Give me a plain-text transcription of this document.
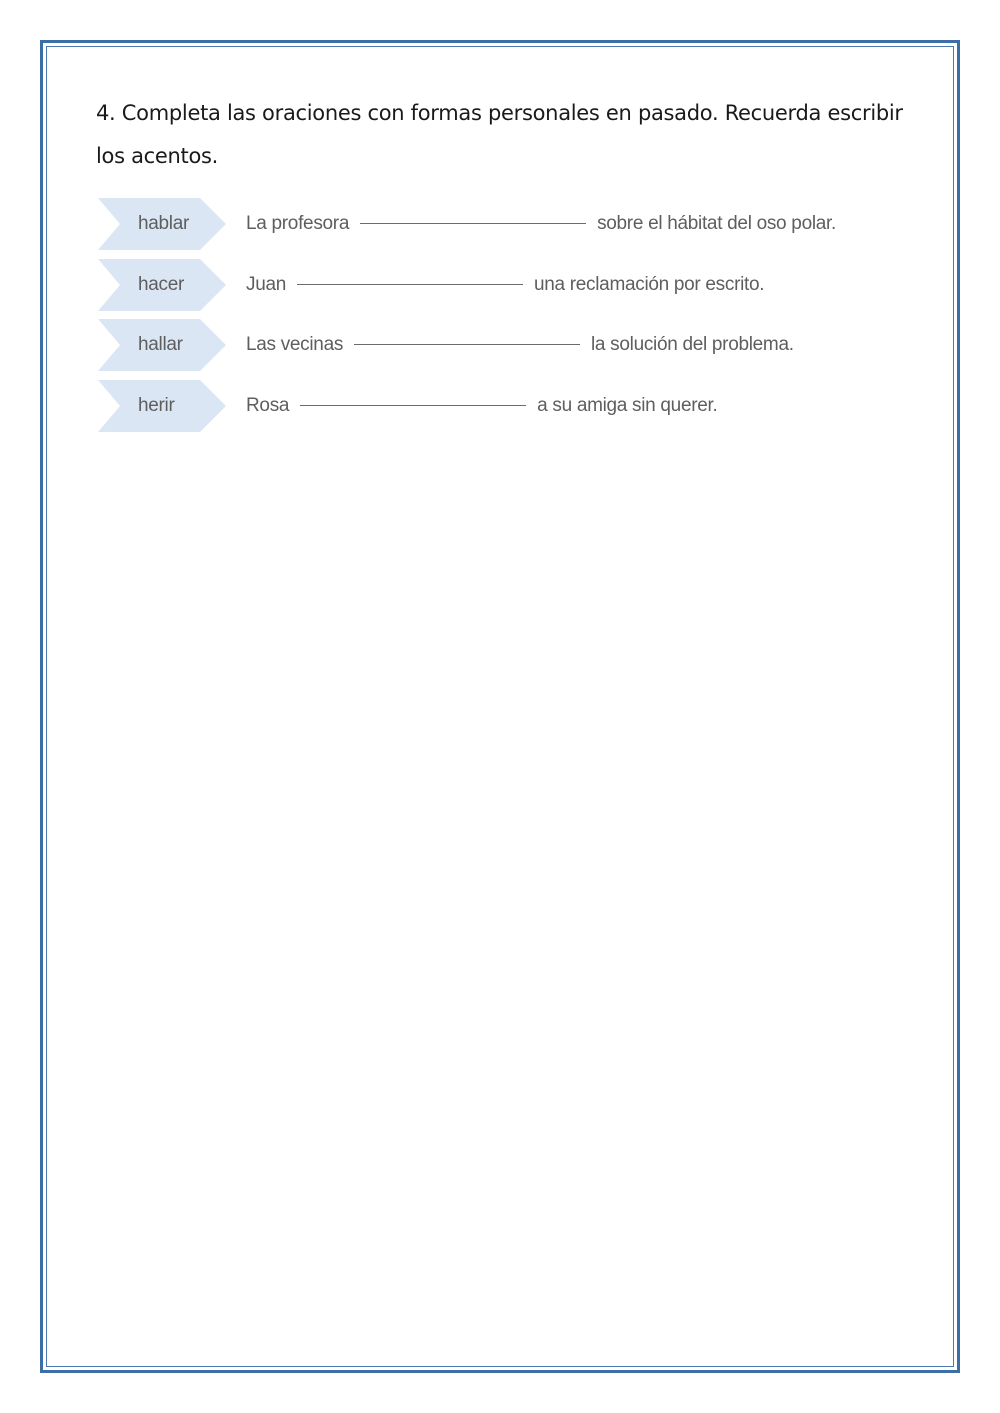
4. Completa las oraciones con formas personales en pasado. Recuerda escribir los acentos.

hablar	La profesora	sobre el hábitat del oso polar.
hacer	Juan	una reclamación por escrito.
hallar	Las vecinas	la solución del problema.
herir	Rosa	a su amiga sin querer.
